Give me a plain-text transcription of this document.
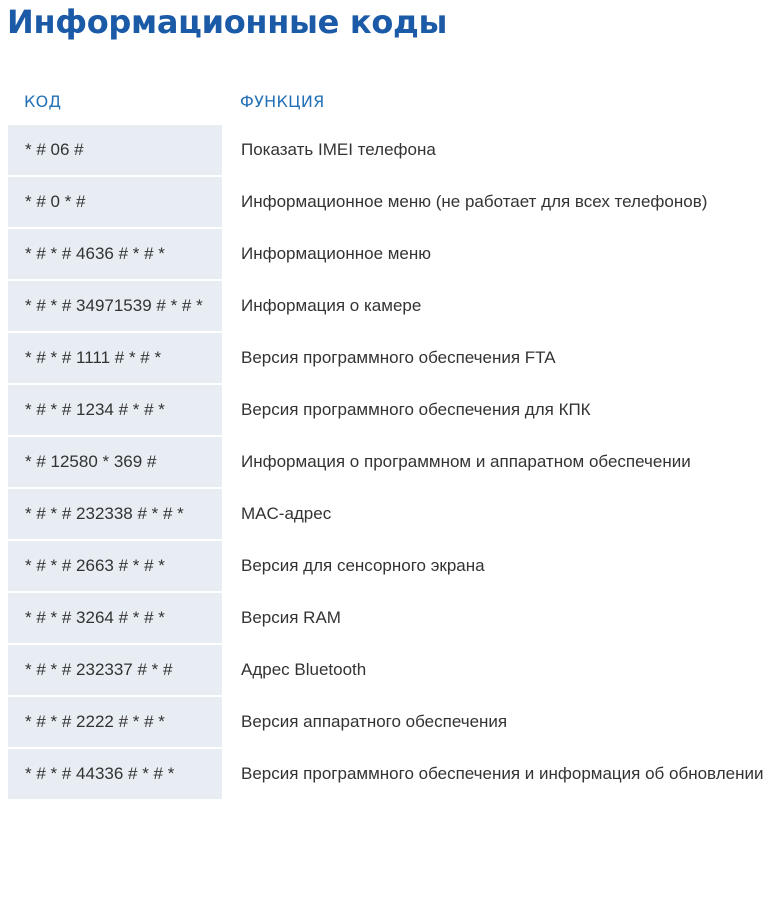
Информационные коды
КОД	ФУНКЦИЯ
* # 06 #	Показать IMEI телефона
* # 0 * #	Информационное меню (не работает для всех телефонов)
* # * # 4636 # * # *	Информационное меню
* # * # 34971539 # * # *	Информация о камере
* # * # 1111 # * # *	Версия программного обеспечения FTA
* # * # 1234 # * # *	Версия программного обеспечения для КПК
* # 12580 * 369 #	Информация о программном и аппаратном обеспечении
* # * # 232338 # * # *	MAC-адрес
* # * # 2663 # * # *	Версия для сенсорного экрана
* # * # 3264 # * # *	Версия RAM
* # * # 232337 # * #	Адрес Bluetooth
* # * # 2222 # * # *	Версия аппаратного обеспечения
* # * # 44336 # * # *	Версия программного обеспечения и информация об обновлении
